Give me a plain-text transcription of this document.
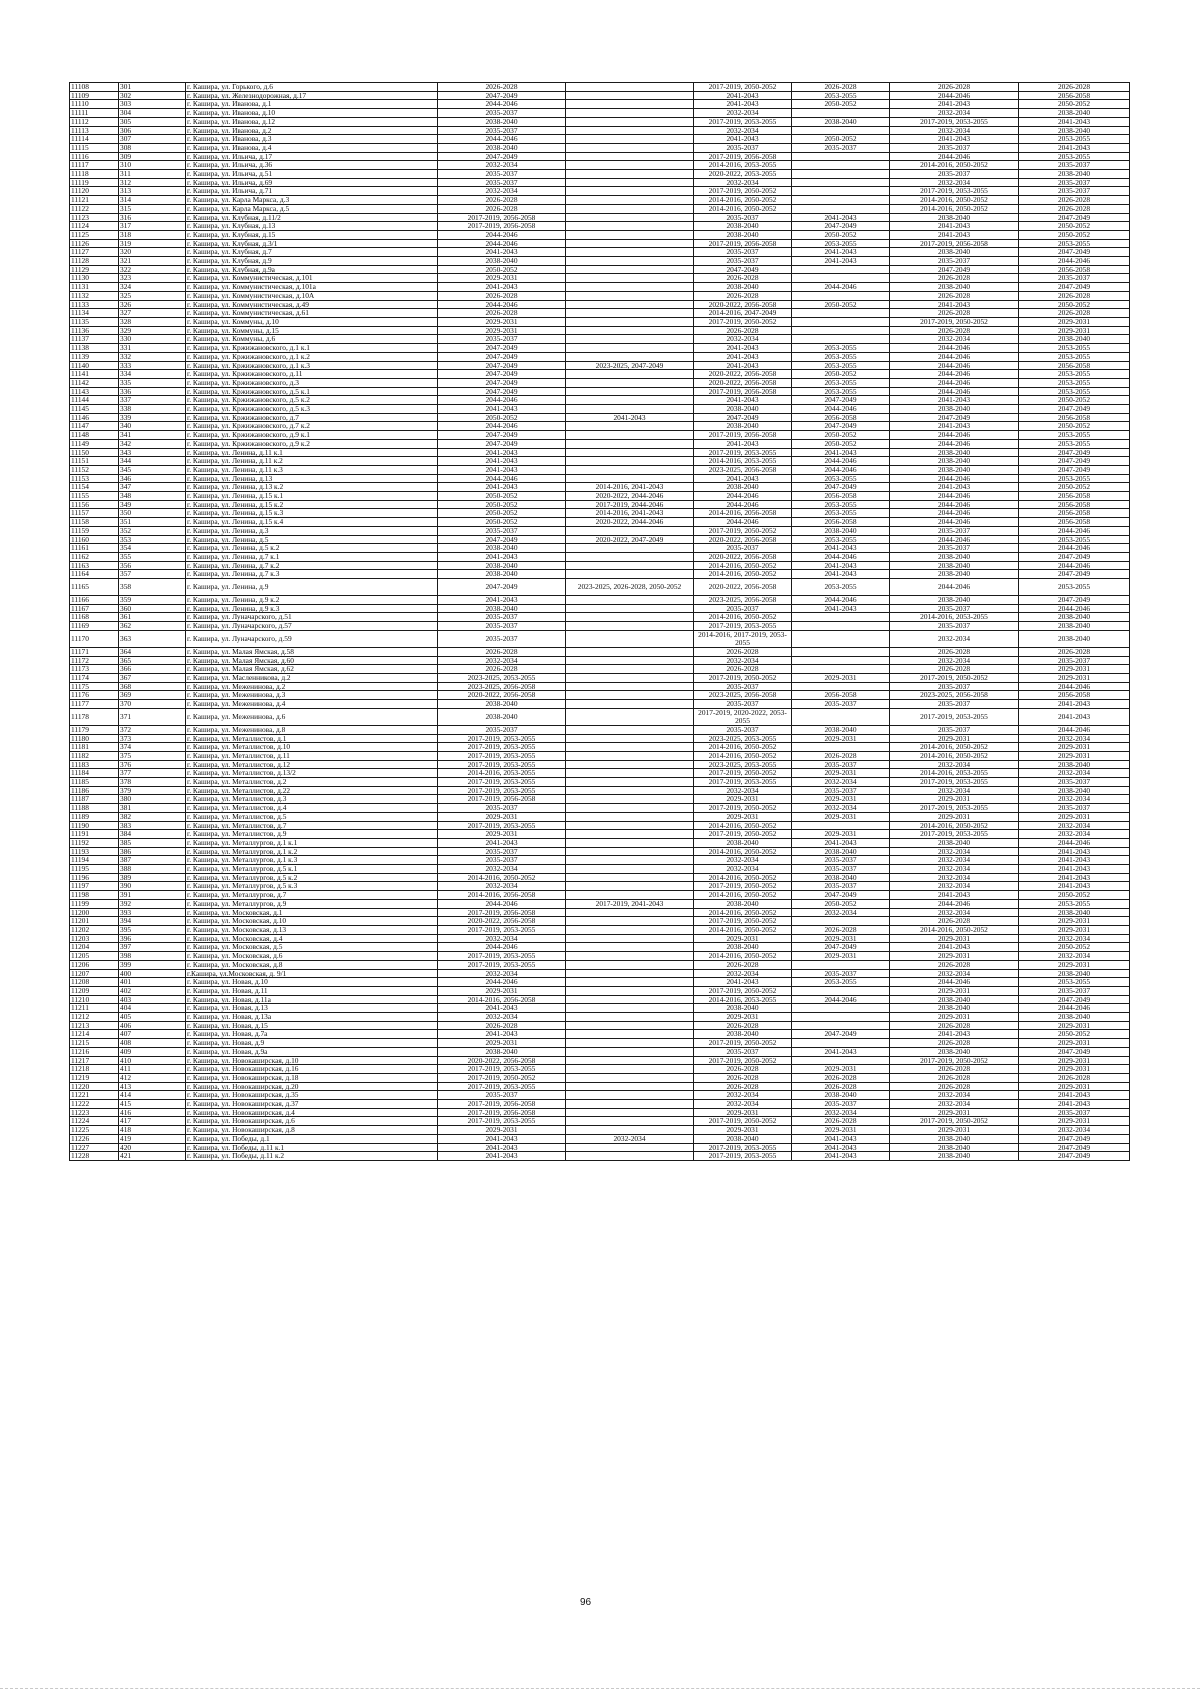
11108	301	г. Кашира, ул. Горького, д.6	2026-2028		2017-2019, 2050-2052	2026-2028	2026-2028	2026-2028
11109	302	г. Кашира, ул. Железнодорожная, д.17	2047-2049		2041-2043	2053-2055	2044-2046	2056-2058
11110	303	г. Кашира, ул. Иванова, д.1	2044-2046		2041-2043	2050-2052	2041-2043	2050-2052
11111	304	г. Кашира, ул. Иванова, д.10	2035-2037		2032-2034		2032-2034	2038-2040
11112	305	г. Кашира, ул. Иванова, д.12	2038-2040		2017-2019, 2053-2055	2038-2040	2017-2019, 2053-2055	2041-2043
11113	306	г. Кашира, ул. Иванова, д.2	2035-2037		2032-2034		2032-2034	2038-2040
11114	307	г. Кашира, ул. Иванова, д.3	2044-2046		2041-2043	2050-2052	2041-2043	2053-2055
11115	308	г. Кашира, ул. Иванова, д.4	2038-2040		2035-2037	2035-2037	2035-2037	2041-2043
11116	309	г. Кашира, ул. Ильича, д.17	2047-2049		2017-2019, 2056-2058		2044-2046	2053-2055
11117	310	г. Кашира, ул. Ильича, д.36	2032-2034		2014-2016, 2053-2055		2014-2016, 2050-2052	2035-2037
11118	311	г. Кашира, ул. Ильича, д.51	2035-2037		2020-2022, 2053-2055		2035-2037	2038-2040
11119	312	г. Кашира, ул. Ильича, д.69	2035-2037		2032-2034		2032-2034	2035-2037
11120	313	г. Кашира, ул. Ильича, д.71	2032-2034		2017-2019, 2050-2052		2017-2019, 2053-2055	2035-2037
11121	314	г. Кашира, ул. Карла Маркса, д.3	2026-2028		2014-2016, 2050-2052		2014-2016, 2050-2052	2026-2028
11122	315	г. Кашира, ул. Карла Маркса, д.5	2026-2028		2014-2016, 2050-2052		2014-2016, 2050-2052	2026-2028
11123	316	г. Кашира, ул. Клубная, д.11/2	2017-2019, 2056-2058		2035-2037	2041-2043	2038-2040	2047-2049
11124	317	г. Кашира, ул. Клубная, д.13	2017-2019, 2056-2058		2038-2040	2047-2049	2041-2043	2050-2052
11125	318	г. Кашира, ул. Клубная, д.15	2044-2046		2038-2040	2050-2052	2041-2043	2050-2052
11126	319	г. Кашира, ул. Клубная, д.3/1	2044-2046		2017-2019, 2056-2058	2053-2055	2017-2019, 2056-2058	2053-2055
11127	320	г. Кашира, ул. Клубная, д.7	2041-2043		2035-2037	2041-2043	2038-2040	2047-2049
11128	321	г. Кашира, ул. Клубная, д.9	2038-2040		2035-2037	2041-2043	2035-2037	2044-2046
11129	322	г. Кашира, ул. Клубная, д.9а	2050-2052		2047-2049		2047-2049	2056-2058
11130	323	г. Кашира, ул. Коммунистическая, д.101	2029-2031		2026-2028		2026-2028	2035-2037
11131	324	г. Кашира, ул. Коммунистическая, д.101а	2041-2043		2038-2040	2044-2046	2038-2040	2047-2049
11132	325	г. Кашира, ул. Коммунистическая, д.10А	2026-2028		2026-2028		2026-2028	2026-2028
11133	326	г. Кашира, ул. Коммунистическая, д.49	2044-2046		2020-2022, 2056-2058	2050-2052	2041-2043	2050-2052
11134	327	г. Кашира, ул. Коммунистическая, д.61	2026-2028		2014-2016, 2047-2049		2026-2028	2026-2028
11135	328	г. Кашира, ул. Коммуны, д.10	2029-2031		2017-2019, 2050-2052		2017-2019, 2050-2052	2029-2031
11136	329	г. Кашира, ул. Коммуны, д.15	2029-2031		2026-2028		2026-2028	2029-2031
11137	330	г. Кашира, ул. Коммуны, д.6	2035-2037		2032-2034		2032-2034	2038-2040
11138	331	г. Кашира, ул. Кржижановского, д.1 к.1	2047-2049		2041-2043	2053-2055	2044-2046	2053-2055
11139	332	г. Кашира, ул. Кржижановского, д.1 к.2	2047-2049		2041-2043	2053-2055	2044-2046	2053-2055
11140	333	г. Кашира, ул. Кржижановского, д.1 к.3	2047-2049	2023-2025, 2047-2049	2041-2043	2053-2055	2044-2046	2056-2058
11141	334	г. Кашира, ул. Кржижановского, д.11	2047-2049		2020-2022, 2056-2058	2050-2052	2044-2046	2053-2055
11142	335	г. Кашира, ул. Кржижановского, д.3	2047-2049		2020-2022, 2056-2058	2053-2055	2044-2046	2053-2055
11143	336	г. Кашира, ул. Кржижановского, д.5 к.1	2047-2049		2017-2019, 2056-2058	2053-2055	2044-2046	2053-2055
11144	337	г. Кашира, ул. Кржижановского, д.5 к.2	2044-2046		2041-2043	2047-2049	2041-2043	2050-2052
11145	338	г. Кашира, ул. Кржижановского, д.5 к.3	2041-2043		2038-2040	2044-2046	2038-2040	2047-2049
11146	339	г. Кашира, ул. Кржижановского, д.7	2050-2052	2041-2043	2047-2049	2056-2058	2047-2049	2056-2058
11147	340	г. Кашира, ул. Кржижановского, д.7 к.2	2044-2046		2038-2040	2047-2049	2041-2043	2050-2052
11148	341	г. Кашира, ул. Кржижановского, д.9 к.1	2047-2049		2017-2019, 2056-2058	2050-2052	2044-2046	2053-2055
11149	342	г. Кашира, ул. Кржижановского, д.9 к.2	2047-2049		2041-2043	2050-2052	2044-2046	2053-2055
11150	343	г. Кашира, ул. Ленина, д.11 к.1	2041-2043		2017-2019, 2053-2055	2041-2043	2038-2040	2047-2049
11151	344	г. Кашира, ул. Ленина, д.11 к.2	2041-2043		2014-2016, 2053-2055	2044-2046	2038-2040	2047-2049
11152	345	г. Кашира, ул. Ленина, д.11 к.3	2041-2043		2023-2025, 2056-2058	2044-2046	2038-2040	2047-2049
11153	346	г. Кашира, ул. Ленина, д.13	2044-2046		2041-2043	2053-2055	2044-2046	2053-2055
11154	347	г. Кашира, ул. Ленина, д.13 к.2	2041-2043	2014-2016, 2041-2043	2038-2040	2047-2049	2041-2043	2050-2052
11155	348	г. Кашира, ул. Ленина, д.15 к.1	2050-2052	2020-2022, 2044-2046	2044-2046	2056-2058	2044-2046	2056-2058
11156	349	г. Кашира, ул. Ленина, д.15 к.2	2050-2052	2017-2019, 2044-2046	2044-2046	2053-2055	2044-2046	2056-2058
11157	350	г. Кашира, ул. Ленина, д.15 к.3	2050-2052	2014-2016, 2041-2043	2014-2016, 2056-2058	2053-2055	2044-2046	2056-2058
11158	351	г. Кашира, ул. Ленина, д.15 к.4	2050-2052	2020-2022, 2044-2046	2044-2046	2056-2058	2044-2046	2056-2058
11159	352	г. Кашира, ул. Ленина, д.3	2035-2037		2017-2019, 2050-2052	2038-2040	2035-2037	2044-2046
11160	353	г. Кашира, ул. Ленина, д.5	2047-2049	2020-2022, 2047-2049	2020-2022, 2056-2058	2053-2055	2044-2046	2053-2055
11161	354	г. Кашира, ул. Ленина, д.5 к.2	2038-2040		2035-2037	2041-2043	2035-2037	2044-2046
11162	355	г. Кашира, ул. Ленина, д.7 к.1	2041-2043		2020-2022, 2056-2058	2044-2046	2038-2040	2047-2049
11163	356	г. Кашира, ул. Ленина, д.7 к.2	2038-2040		2014-2016, 2050-2052	2041-2043	2038-2040	2044-2046
11164	357	г. Кашира, ул. Ленина, д.7 к.3	2038-2040		2014-2016, 2050-2052	2041-2043	2038-2040	2047-2049
11165	358	г. Кашира, ул. Ленина, д.9	2047-2049	2023-2025, 2026-2028, 2050-2052	2020-2022, 2056-2058	2053-2055	2044-2046	2053-2055
11166	359	г. Кашира, ул. Ленина, д.9 к.2	2041-2043		2023-2025, 2056-2058	2044-2046	2038-2040	2047-2049
11167	360	г. Кашира, ул. Ленина, д.9 к.3	2038-2040		2035-2037	2041-2043	2035-2037	2044-2046
11168	361	г. Кашира, ул. Луначарского, д.51	2035-2037		2014-2016, 2050-2052		2014-2016, 2053-2055	2038-2040
11169	362	г. Кашира, ул. Луначарского, д.57	2035-2037		2017-2019, 2053-2055		2035-2037	2038-2040
11170	363	г. Кашира, ул. Луначарского, д.59	2035-2037		2014-2016, 2017-2019, 2053-2055		2032-2034	2038-2040
11171	364	г. Кашира, ул. Малая Ямская, д.58	2026-2028		2026-2028		2026-2028	2026-2028
11172	365	г. Кашира, ул. Малая Ямская, д.60	2032-2034		2032-2034		2032-2034	2035-2037
11173	366	г. Кашира, ул. Малая Ямская, д.62	2026-2028		2026-2028		2026-2028	2029-2031
11174	367	г. Кашира, ул. Масленникова, д.2	2023-2025, 2053-2055		2017-2019, 2050-2052	2029-2031	2017-2019, 2050-2052	2029-2031
11175	368	г. Кашира, ул. Меженинова, д.2	2023-2025, 2056-2058		2035-2037		2035-2037	2044-2046
11176	369	г. Кашира, ул. Меженинова, д.3	2020-2022, 2056-2058		2023-2025, 2056-2058	2056-2058	2023-2025, 2056-2058	2056-2058
11177	370	г. Кашира, ул. Меженинова, д.4	2038-2040		2035-2037	2035-2037	2035-2037	2041-2043
11178	371	г. Кашира, ул. Меженинова, д.6	2038-2040		2017-2019, 2020-2022, 2053-2055		2017-2019, 2053-2055	2041-2043
11179	372	г. Кашира, ул. Меженинова, д.8	2035-2037		2035-2037	2038-2040	2035-2037	2044-2046
11180	373	г. Кашира, ул. Металлистов, д.1	2017-2019, 2053-2055		2023-2025, 2053-2055	2029-2031	2029-2031	2032-2034
11181	374	г. Кашира, ул. Металлистов, д.10	2017-2019, 2053-2055		2014-2016, 2050-2052		2014-2016, 2050-2052	2029-2031
11182	375	г. Кашира, ул. Металлистов, д.11	2017-2019, 2053-2055		2014-2016, 2050-2052	2026-2028	2014-2016, 2050-2052	2029-2031
11183	376	г. Кашира, ул. Металлистов, д.12	2017-2019, 2053-2055		2023-2025, 2053-2055	2035-2037	2032-2034	2038-2040
11184	377	г. Кашира, ул. Металлистов, д.13/2	2014-2016, 2053-2055		2017-2019, 2050-2052	2029-2031	2014-2016, 2053-2055	2032-2034
11185	378	г. Кашира, ул. Металлистов, д.2	2017-2019, 2053-2055		2017-2019, 2053-2055	2032-2034	2017-2019, 2053-2055	2035-2037
11186	379	г. Кашира, ул. Металлистов, д.22	2017-2019, 2053-2055		2032-2034	2035-2037	2032-2034	2038-2040
11187	380	г. Кашира, ул. Металлистов, д.3	2017-2019, 2056-2058		2029-2031	2029-2031	2029-2031	2032-2034
11188	381	г. Кашира, ул. Металлистов, д.4	2035-2037		2017-2019, 2050-2052	2032-2034	2017-2019, 2053-2055	2035-2037
11189	382	г. Кашира, ул. Металлистов, д.5	2029-2031		2029-2031	2029-2031	2029-2031	2029-2031
11190	383	г. Кашира, ул. Металлистов, д.7	2017-2019, 2053-2055		2014-2016, 2050-2052		2014-2016, 2050-2052	2032-2034
11191	384	г. Кашира, ул. Металлистов, д.9	2029-2031		2017-2019, 2050-2052	2029-2031	2017-2019, 2053-2055	2032-2034
11192	385	г. Кашира, ул. Металлургов, д.1 к.1	2041-2043		2038-2040	2041-2043	2038-2040	2044-2046
11193	386	г. Кашира, ул. Металлургов, д.1 к.2	2035-2037		2014-2016, 2050-2052	2038-2040	2032-2034	2041-2043
11194	387	г. Кашира, ул. Металлургов, д.1 к.3	2035-2037		2032-2034	2035-2037	2032-2034	2041-2043
11195	388	г. Кашира, ул. Металлургов, д.5 к.1	2032-2034		2032-2034	2035-2037	2032-2034	2041-2043
11196	389	г. Кашира, ул. Металлургов, д.5 к.2	2014-2016, 2050-2052		2014-2016, 2050-2052	2038-2040	2032-2034	2041-2043
11197	390	г. Кашира, ул. Металлургов, д.5 к.3	2032-2034		2017-2019, 2050-2052	2035-2037	2032-2034	2041-2043
11198	391	г. Кашира, ул. Металлургов, д.7	2014-2016, 2056-2058		2014-2016, 2050-2052	2047-2049	2041-2043	2050-2052
11199	392	г. Кашира, ул. Металлургов, д.9	2044-2046	2017-2019, 2041-2043	2038-2040	2050-2052	2044-2046	2053-2055
11200	393	г. Кашира, ул. Московская, д.1	2017-2019, 2056-2058		2014-2016, 2050-2052	2032-2034	2032-2034	2038-2040
11201	394	г. Кашира, ул. Московская, д.10	2020-2022, 2056-2058		2017-2019, 2050-2052		2026-2028	2029-2031
11202	395	г. Кашира, ул. Московская, д.13	2017-2019, 2053-2055		2014-2016, 2050-2052	2026-2028	2014-2016, 2050-2052	2029-2031
11203	396	г. Кашира, ул. Московская, д.4	2032-2034		2029-2031	2029-2031	2029-2031	2032-2034
11204	397	г. Кашира, ул. Московская, д.5	2044-2046		2038-2040	2047-2049	2041-2043	2050-2052
11205	398	г. Кашира, ул. Московская, д.6	2017-2019, 2053-2055		2014-2016, 2050-2052	2029-2031	2029-2031	2032-2034
11206	399	г. Кашира, ул. Московская, д.8	2017-2019, 2053-2055		2026-2028		2026-2028	2029-2031
11207	400	г.Кашира, ул.Московская, д. 9/1	2032-2034		2032-2034	2035-2037	2032-2034	2038-2040
11208	401	г. Кашира, ул. Новая, д.10	2044-2046		2041-2043	2053-2055	2044-2046	2053-2055
11209	402	г. Кашира, ул. Новая, д.11	2029-2031		2017-2019, 2050-2052		2029-2031	2035-2037
11210	403	г. Кашира, ул. Новая, д.11а	2014-2016, 2056-2058		2014-2016, 2053-2055	2044-2046	2038-2040	2047-2049
11211	404	г. Кашира, ул. Новая, д.13	2041-2043		2038-2040		2038-2040	2044-2046
11212	405	г. Кашира, ул. Новая, д.13а	2032-2034		2029-2031		2029-2031	2038-2040
11213	406	г. Кашира, ул. Новая, д.15	2026-2028		2026-2028		2026-2028	2029-2031
11214	407	г. Кашира, ул. Новая, д.7а	2041-2043		2038-2040	2047-2049	2041-2043	2050-2052
11215	408	г. Кашира, ул. Новая, д.9	2029-2031		2017-2019, 2050-2052		2026-2028	2029-2031
11216	409	г. Кашира, ул. Новая, д.9а	2038-2040		2035-2037	2041-2043	2038-2040	2047-2049
11217	410	г. Кашира, ул. Новокаширская, д.10	2020-2022, 2056-2058		2017-2019, 2050-2052		2017-2019, 2050-2052	2029-2031
11218	411	г. Кашира, ул. Новокаширская, д.16	2017-2019, 2053-2055		2026-2028	2029-2031	2026-2028	2029-2031
11219	412	г. Кашира, ул. Новокаширская, д.18	2017-2019, 2050-2052		2026-2028	2026-2028	2026-2028	2026-2028
11220	413	г. Кашира, ул. Новокаширская, д.20	2017-2019, 2053-2055		2026-2028	2026-2028	2026-2028	2029-2031
11221	414	г. Кашира, ул. Новокаширская, д.35	2035-2037		2032-2034	2038-2040	2032-2034	2041-2043
11222	415	г. Кашира, ул. Новокаширская, д.37	2017-2019, 2056-2058		2032-2034	2035-2037	2032-2034	2041-2043
11223	416	г. Кашира, ул. Новокаширская, д.4	2017-2019, 2056-2058		2029-2031	2032-2034	2029-2031	2035-2037
11224	417	г. Кашира, ул. Новокаширская, д.6	2017-2019, 2053-2055		2017-2019, 2050-2052	2026-2028	2017-2019, 2050-2052	2029-2031
11225	418	г. Кашира, ул. Новокаширская, д.8	2029-2031		2029-2031	2029-2031	2029-2031	2032-2034
11226	419	г. Кашира, ул. Победы, д.1	2041-2043	2032-2034	2038-2040	2041-2043	2038-2040	2047-2049
11227	420	г. Кашира, ул. Победы, д.11 к.1	2041-2043		2017-2019, 2053-2055	2041-2043	2038-2040	2047-2049
11228	421	г. Кашира, ул. Победы, д.11 к.2	2041-2043		2017-2019, 2053-2055	2041-2043	2038-2040	2047-2049
96
